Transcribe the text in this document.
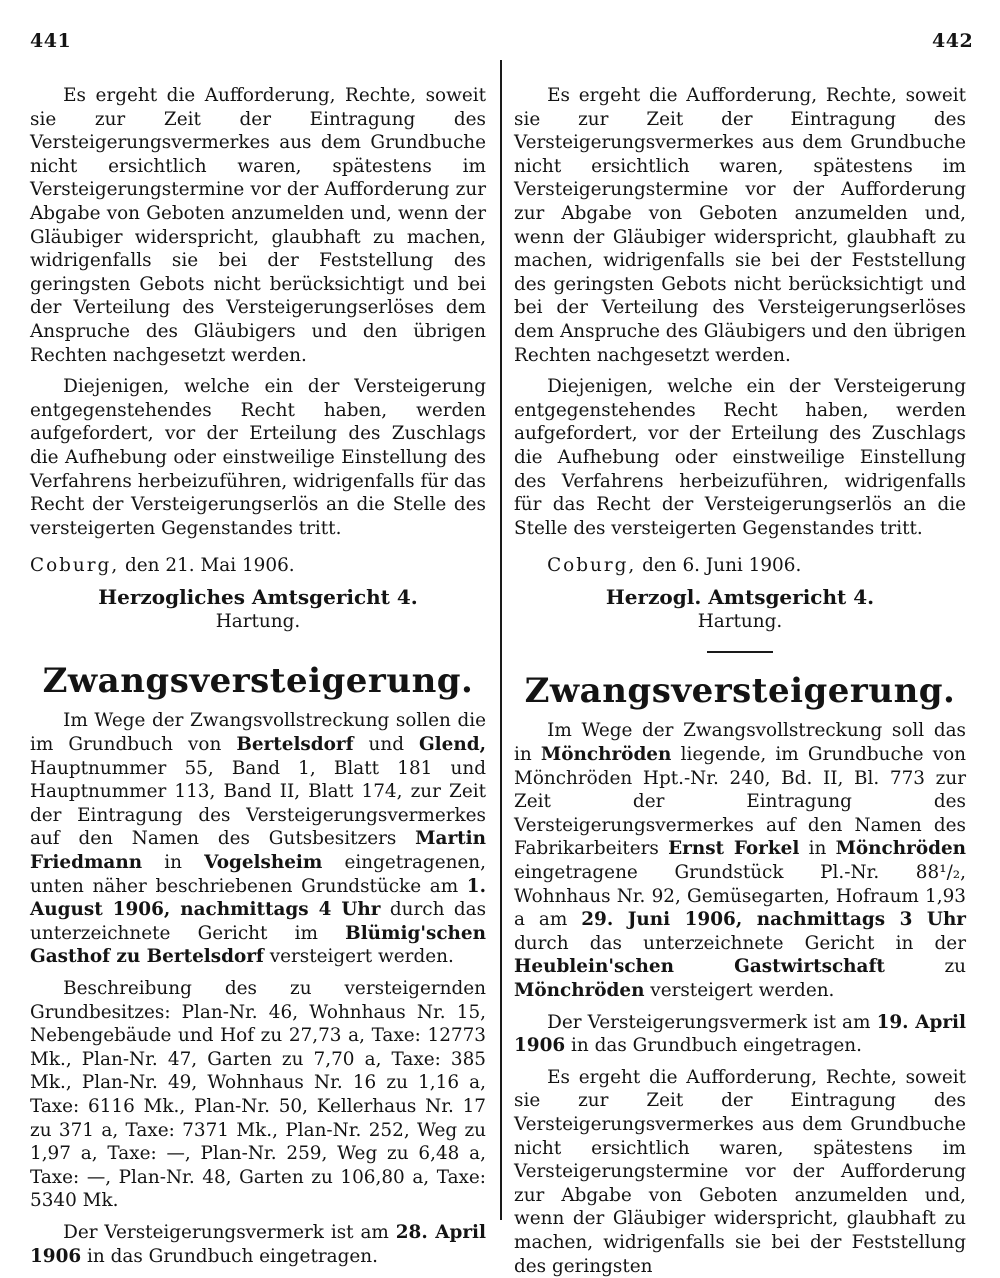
441	442

Es ergeht die Aufforderung, Rechte, soweit sie zur Zeit der Eintragung des Versteigerungsvermerkes aus dem Grundbuche nicht ersichtlich waren, spätestens im Versteigerungstermine vor der Aufforderung zur Abgabe von Geboten anzumelden und, wenn der Gläubiger widerspricht, glaubhaft zu machen, widrigenfalls sie bei der Feststellung des geringsten Gebots nicht berücksichtigt und bei der Verteilung des Versteigerungserlöses dem Anspruche des Gläubigers und den übrigen Rechten nachgesetzt werden.

Diejenigen, welche ein der Versteigerung entgegenstehendes Recht haben, werden aufgefordert, vor der Erteilung des Zuschlags die Aufhebung oder einstweilige Einstellung des Verfahrens herbeizuführen, widrigenfalls für das Recht der Versteigerungserlös an die Stelle des versteigerten Gegenstandes tritt.

Coburg, den 21. Mai 1906.
Herzogliches Amtsgericht 4.
Hartung.
Zwangsversteigerung.

Im Wege der Zwangsvollstreckung sollen die im Grundbuch von Bertelsdorf und Glend, Hauptnummer 55, Band 1, Blatt 181 und Hauptnummer 113, Band II, Blatt 174, zur Zeit der Eintragung des Versteigerungsvermerkes auf den Namen des Gutsbesitzers Martin Friedmann in Vogelsheim eingetragenen, unten näher beschriebenen Grundstücke am 1. August 1906, nachmittags 4 Uhr durch das unterzeichnete Gericht im Blümig'schen Gasthof zu Bertelsdorf versteigert werden.

Beschreibung des zu versteigernden Grundbesitzes: Plan-Nr. 46, Wohnhaus Nr. 15, Nebengebäude und Hof zu 27,73 a, Taxe: 12773 Mk., Plan-Nr. 47, Garten zu 7,70 a, Taxe: 385 Mk., Plan-Nr. 49, Wohnhaus Nr. 16 zu 1,16 a, Taxe: 6116 Mk., Plan-Nr. 50, Kellerhaus Nr. 17 zu 371 a, Taxe: 7371 Mk., Plan-Nr. 252, Weg zu 1,97 a, Taxe: —, Plan-Nr. 259, Weg zu 6,48 a, Taxe: —, Plan-Nr. 48, Garten zu 106,80 a, Taxe: 5340 Mk.

Der Versteigerungsvermerk ist am 28. April 1906 in das Grundbuch eingetragen.

Es ergeht die Aufforderung, Rechte, soweit sie zur Zeit der Eintragung des Versteigerungsvermerkes aus dem Grundbuche nicht ersichtlich waren, spätestens im Versteigerungstermine vor der Aufforderung zur Abgabe von Geboten anzumelden und, wenn der Gläubiger widerspricht, glaubhaft zu machen, widrigenfalls sie bei der Feststellung des geringsten Gebots nicht berücksichtigt und bei der Verteilung des Versteigerungserlöses dem Anspruche des Gläubigers und den übrigen Rechten nachgesetzt werden.

Diejenigen, welche ein der Versteigerung entgegenstehendes Recht haben, werden aufgefordert, vor der Erteilung des Zuschlags die Aufhebung oder einstweilige Einstellung des Verfahrens herbeizuführen, widrigenfalls für das Recht der Versteigerungserlös an die Stelle des versteigerten Gegenstandes tritt.

Coburg, den 6. Juni 1906.
Herzogl. Amtsgericht 4.
Hartung.
Zwangsversteigerung.

Im Wege der Zwangsvollstreckung soll das in Mönchröden liegende, im Grundbuche von Mönchröden Hpt.-Nr. 240, Bd. II, Bl. 773 zur Zeit der Eintragung des Versteigerungsvermerkes auf den Namen des Fabrikarbeiters Ernst Forkel in Mönchröden eingetragene Grundstück Pl.-Nr. 88¹/₂, Wohnhaus Nr. 92, Gemüsegarten, Hofraum 1,93 a am 29. Juni 1906, nachmittags 3 Uhr durch das unterzeichnete Gericht in der Heublein'schen Gastwirtschaft zu Mönchröden versteigert werden.

Der Versteigerungsvermerk ist am 19. April 1906 in das Grundbuch eingetragen.

Es ergeht die Aufforderung, Rechte, soweit sie zur Zeit der Eintragung des Versteigerungsvermerkes aus dem Grundbuche nicht ersichtlich waren, spätestens im Versteigerungstermine vor der Aufforderung zur Abgabe von Geboten anzumelden und, wenn der Gläubiger widerspricht, glaubhaft zu machen, widrigenfalls sie bei der Feststellung des geringsten
